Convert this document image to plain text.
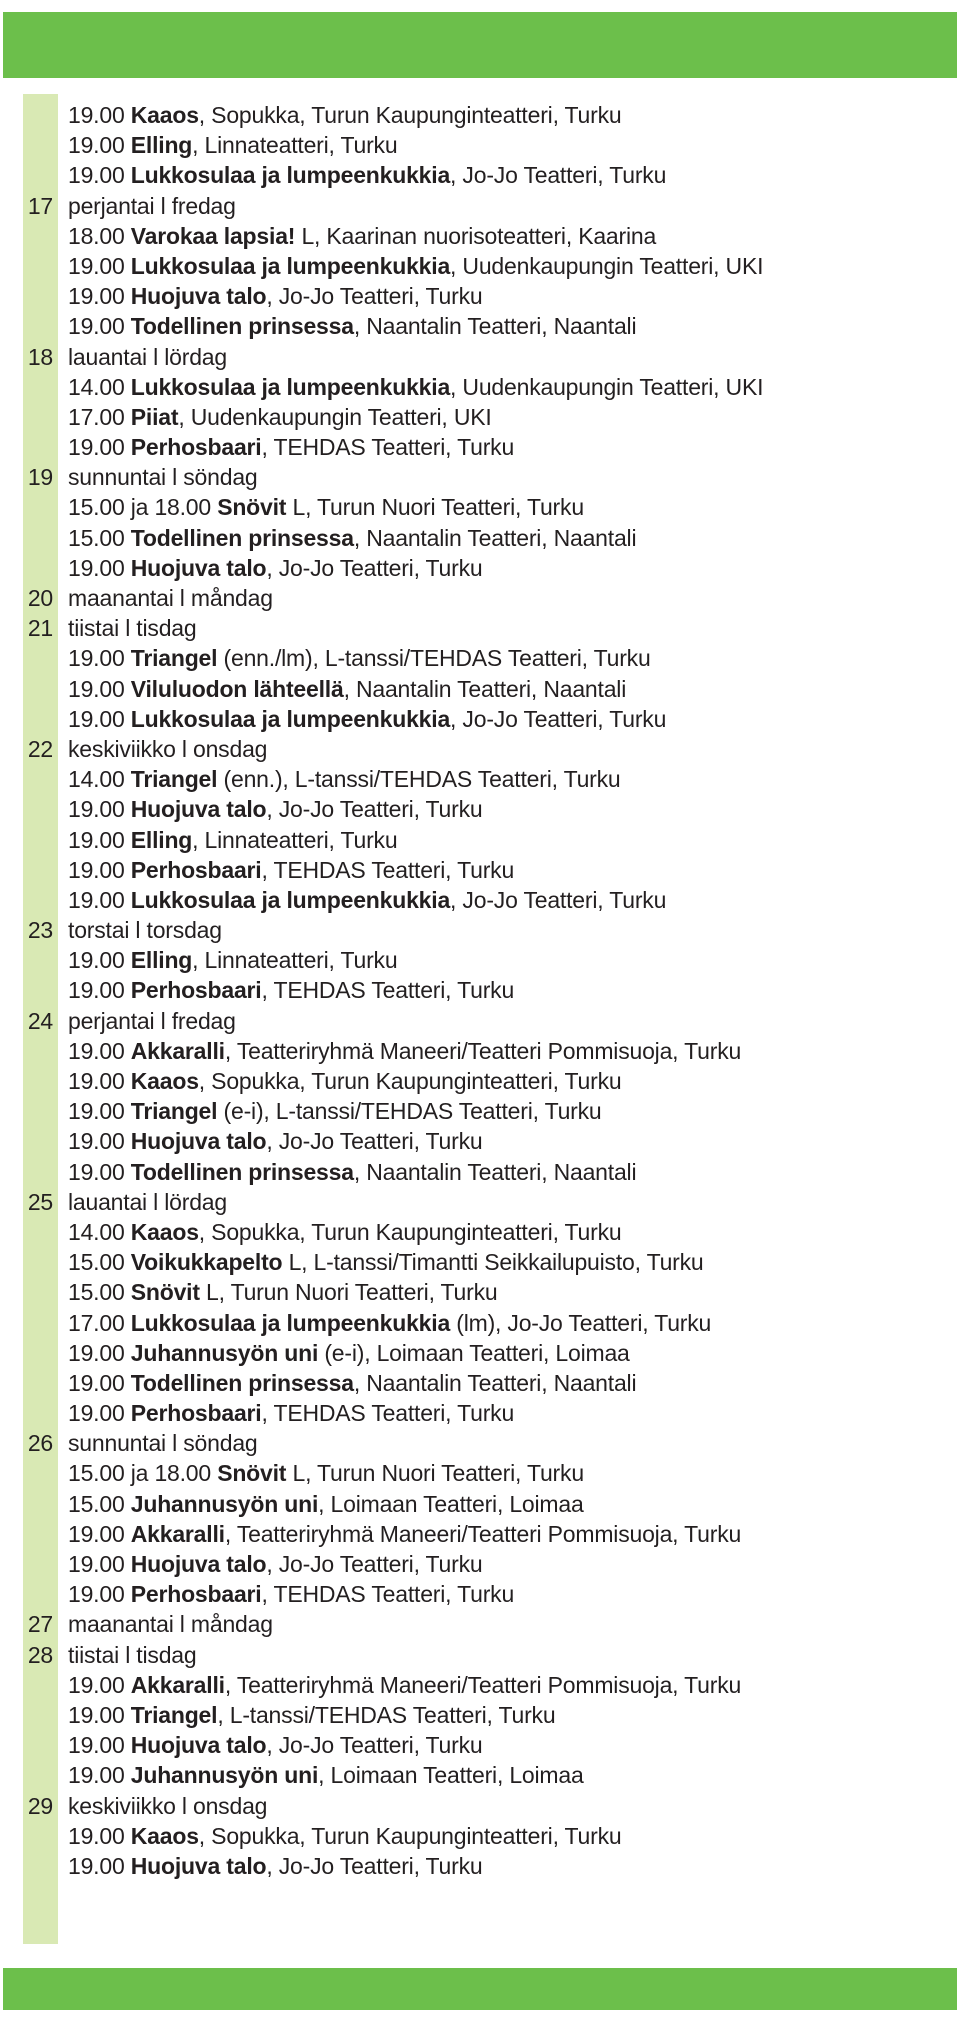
19.00 Kaaos, Sopukka, Turun Kaupunginteatteri, Turku
19.00 Elling, Linnateatteri, Turku
19.00 Lukkosulaa ja lumpeenkukkia, Jo-Jo Teatteri, Turku
17 perjantai l fredag
18.00 Varokaa lapsia! L, Kaarinan nuorisoteatteri, Kaarina
19.00 Lukkosulaa ja lumpeenkukkia, Uudenkaupungin Teatteri, UKI
19.00 Huojuva talo, Jo-Jo Teatteri, Turku
19.00 Todellinen prinsessa, Naantalin Teatteri, Naantali
18 lauantai l lördag
14.00 Lukkosulaa ja lumpeenkukkia, Uudenkaupungin Teatteri, UKI
17.00 Piiat, Uudenkaupungin Teatteri, UKI
19.00 Perhosbaari, TEHDAS Teatteri, Turku
19 sunnuntai l söndag
15.00 ja 18.00 Snövit L, Turun Nuori Teatteri, Turku
15.00 Todellinen prinsessa, Naantalin Teatteri, Naantali
19.00 Huojuva talo, Jo-Jo Teatteri, Turku
20 maanantai l måndag
21 tiistai l tisdag
19.00 Triangel (enn./lm), L-tanssi/TEHDAS Teatteri, Turku
19.00 Viluluodon lähteellä, Naantalin Teatteri, Naantali
19.00 Lukkosulaa ja lumpeenkukkia, Jo-Jo Teatteri, Turku
22 keskiviikko l onsdag
14.00 Triangel (enn.), L-tanssi/TEHDAS Teatteri, Turku
19.00 Huojuva talo, Jo-Jo Teatteri, Turku
19.00 Elling, Linnateatteri, Turku
19.00 Perhosbaari, TEHDAS Teatteri, Turku
19.00 Lukkosulaa ja lumpeenkukkia, Jo-Jo Teatteri, Turku
23 torstai l torsdag
19.00 Elling, Linnateatteri, Turku
19.00 Perhosbaari, TEHDAS Teatteri, Turku
24 perjantai l fredag
19.00 Akkaralli, Teatteriryhmä Maneeri/Teatteri Pommisuoja, Turku
19.00 Kaaos, Sopukka, Turun Kaupunginteatteri, Turku
19.00 Triangel (e-i), L-tanssi/TEHDAS Teatteri, Turku
19.00 Huojuva talo, Jo-Jo Teatteri, Turku
19.00 Todellinen prinsessa, Naantalin Teatteri, Naantali
25 lauantai l lördag
14.00 Kaaos, Sopukka, Turun Kaupunginteatteri, Turku
15.00 Voikukkapelto L, L-tanssi/Timantti Seikkailupuisto, Turku
15.00 Snövit L, Turun Nuori Teatteri, Turku
17.00 Lukkosulaa ja lumpeenkukkia (lm), Jo-Jo Teatteri, Turku
19.00 Juhannusyön uni (e-i), Loimaan Teatteri, Loimaa
19.00 Todellinen prinsessa, Naantalin Teatteri, Naantali
19.00 Perhosbaari, TEHDAS Teatteri, Turku
26 sunnuntai l söndag
15.00 ja 18.00 Snövit L, Turun Nuori Teatteri, Turku
15.00 Juhannusyön uni, Loimaan Teatteri, Loimaa
19.00 Akkaralli, Teatteriryhmä Maneeri/Teatteri Pommisuoja, Turku
19.00 Huojuva talo, Jo-Jo Teatteri, Turku
19.00 Perhosbaari, TEHDAS Teatteri, Turku
27 maanantai l måndag
28 tiistai l tisdag
19.00 Akkaralli, Teatteriryhmä Maneeri/Teatteri Pommisuoja, Turku
19.00 Triangel, L-tanssi/TEHDAS Teatteri, Turku
19.00 Huojuva talo, Jo-Jo Teatteri, Turku
19.00 Juhannusyön uni, Loimaan Teatteri, Loimaa
29 keskiviikko l onsdag
19.00 Kaaos, Sopukka, Turun Kaupunginteatteri, Turku
19.00 Huojuva talo, Jo-Jo Teatteri, Turku
